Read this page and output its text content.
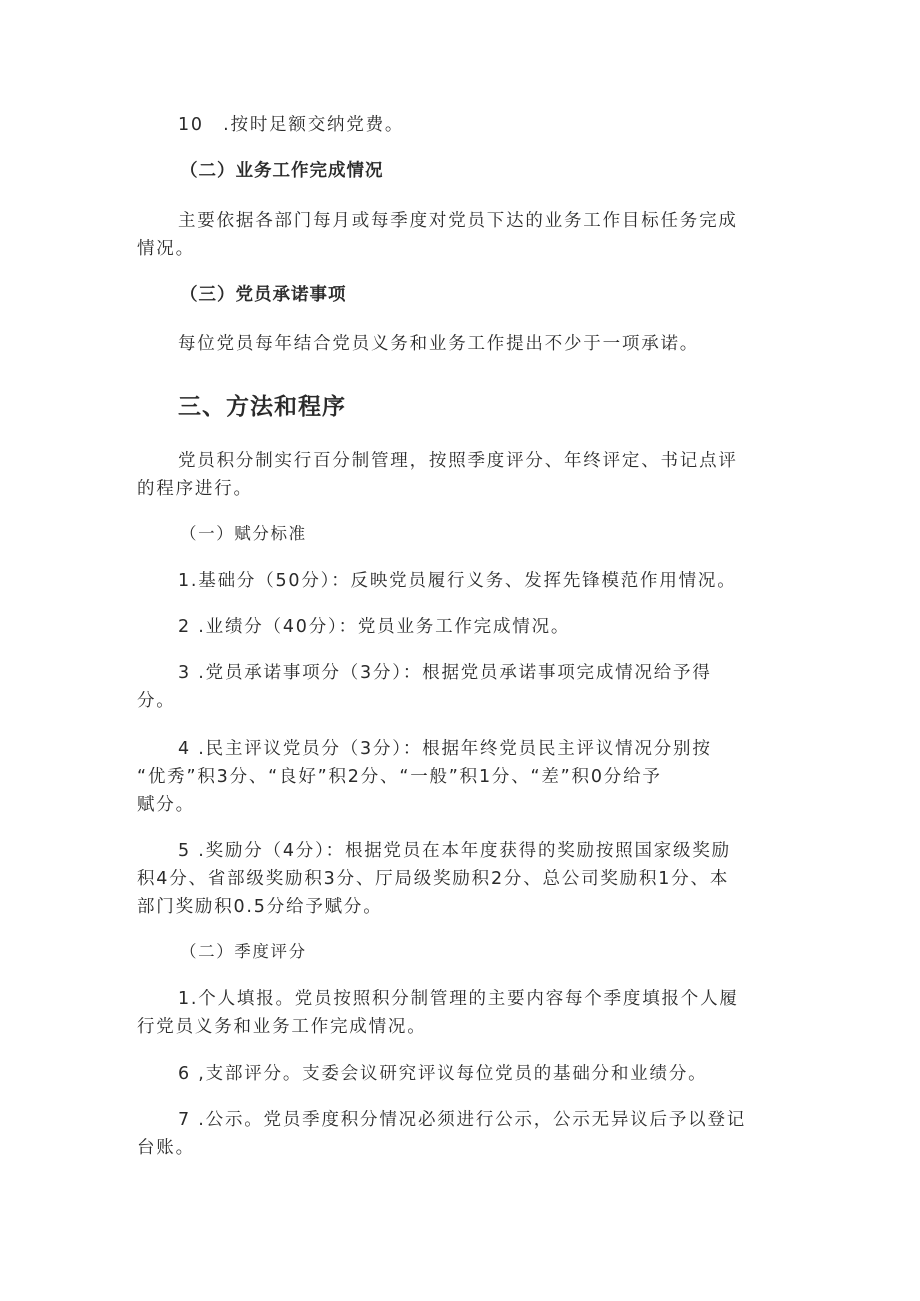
10　.按时足额交纳党费。
（二）业务工作完成情况
主要依据各部门每月或每季度对党员下达的业务工作目标任务完成
情况。
（三）党员承诺事项
每位党员每年结合党员义务和业务工作提出不少于一项承诺。
三、方法和程序
党员积分制实行百分制管理，按照季度评分、年终评定、书记点评
的程序进行。
（一）赋分标准
1.基础分（50分）：反映党员履行义务、发挥先锋模范作用情况。
2 .业绩分（40分）：党员业务工作完成情况。
3 .党员承诺事项分（3分）：根据党员承诺事项完成情况给予得
分。
4 .民主评议党员分（3分）：根据年终党员民主评议情况分别按
“优秀”积3分、“良好”积2分、“一般”积1分、“差”积0分给予
赋分。
5 .奖励分（4分）：根据党员在本年度获得的奖励按照国家级奖励
积4分、省部级奖励积3分、厅局级奖励积2分、总公司奖励积1分、本
部门奖励积0.5分给予赋分。
（二）季度评分
1.个人填报。党员按照积分制管理的主要内容每个季度填报个人履
行党员义务和业务工作完成情况。
6 ,支部评分。支委会议研究评议每位党员的基础分和业绩分。
7 .公示。党员季度积分情况必须进行公示，公示无异议后予以登记
台账。
